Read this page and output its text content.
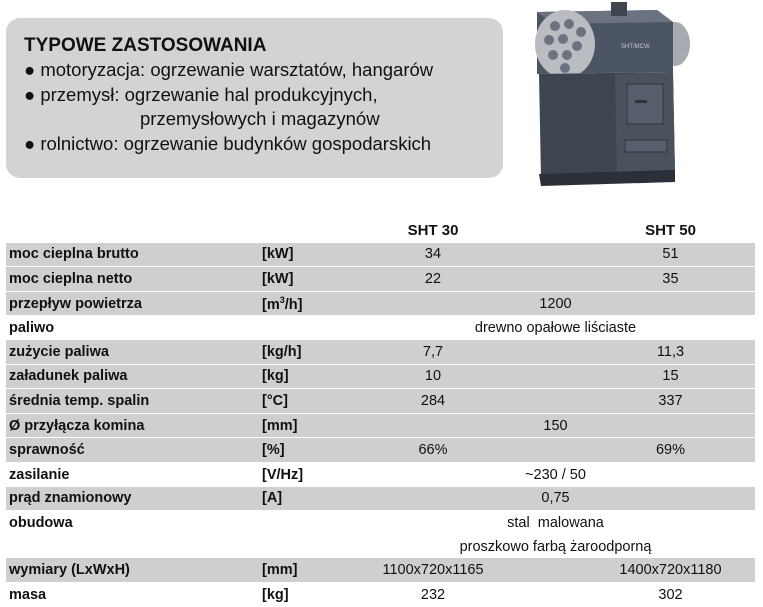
TYPOWE ZASTOSOWANIA
● motoryzacja: ogrzewanie warsztatów, hangarów
● przemysł: ogrzewanie hal produkcyjnych,
przemysłowych i magazynów
● rolnictwo: ogrzewanie budynków gospodarskich
SHT/MCW
		SHT 30	SHT 50
moc cieplna brutto	[kW]	34	51
moc cieplna netto	[kW]	22	35
przepływ powietrza	$[m^3/h]$	1200	
paliwo		drewno opałowe liściaste	
zużycie paliwa	[kg/h]	7,7	11,3
załadunek paliwa	[kg]	10	15
średnia temp. spalin	[°C]	284	337
Ø przyłącza komina	[mm]	150	
sprawność	[%]	66%	69%
zasilanie	[V/Hz]	~230 / 50	
prąd znamionowy	[A]	0,75	
obudowa		stal  malowana	
		proszkowo farbą żaroodporną	
wymiary (LxWxH)	[mm]	1100x720x1165	1400x720x1180
masa	[kg]	232	302
